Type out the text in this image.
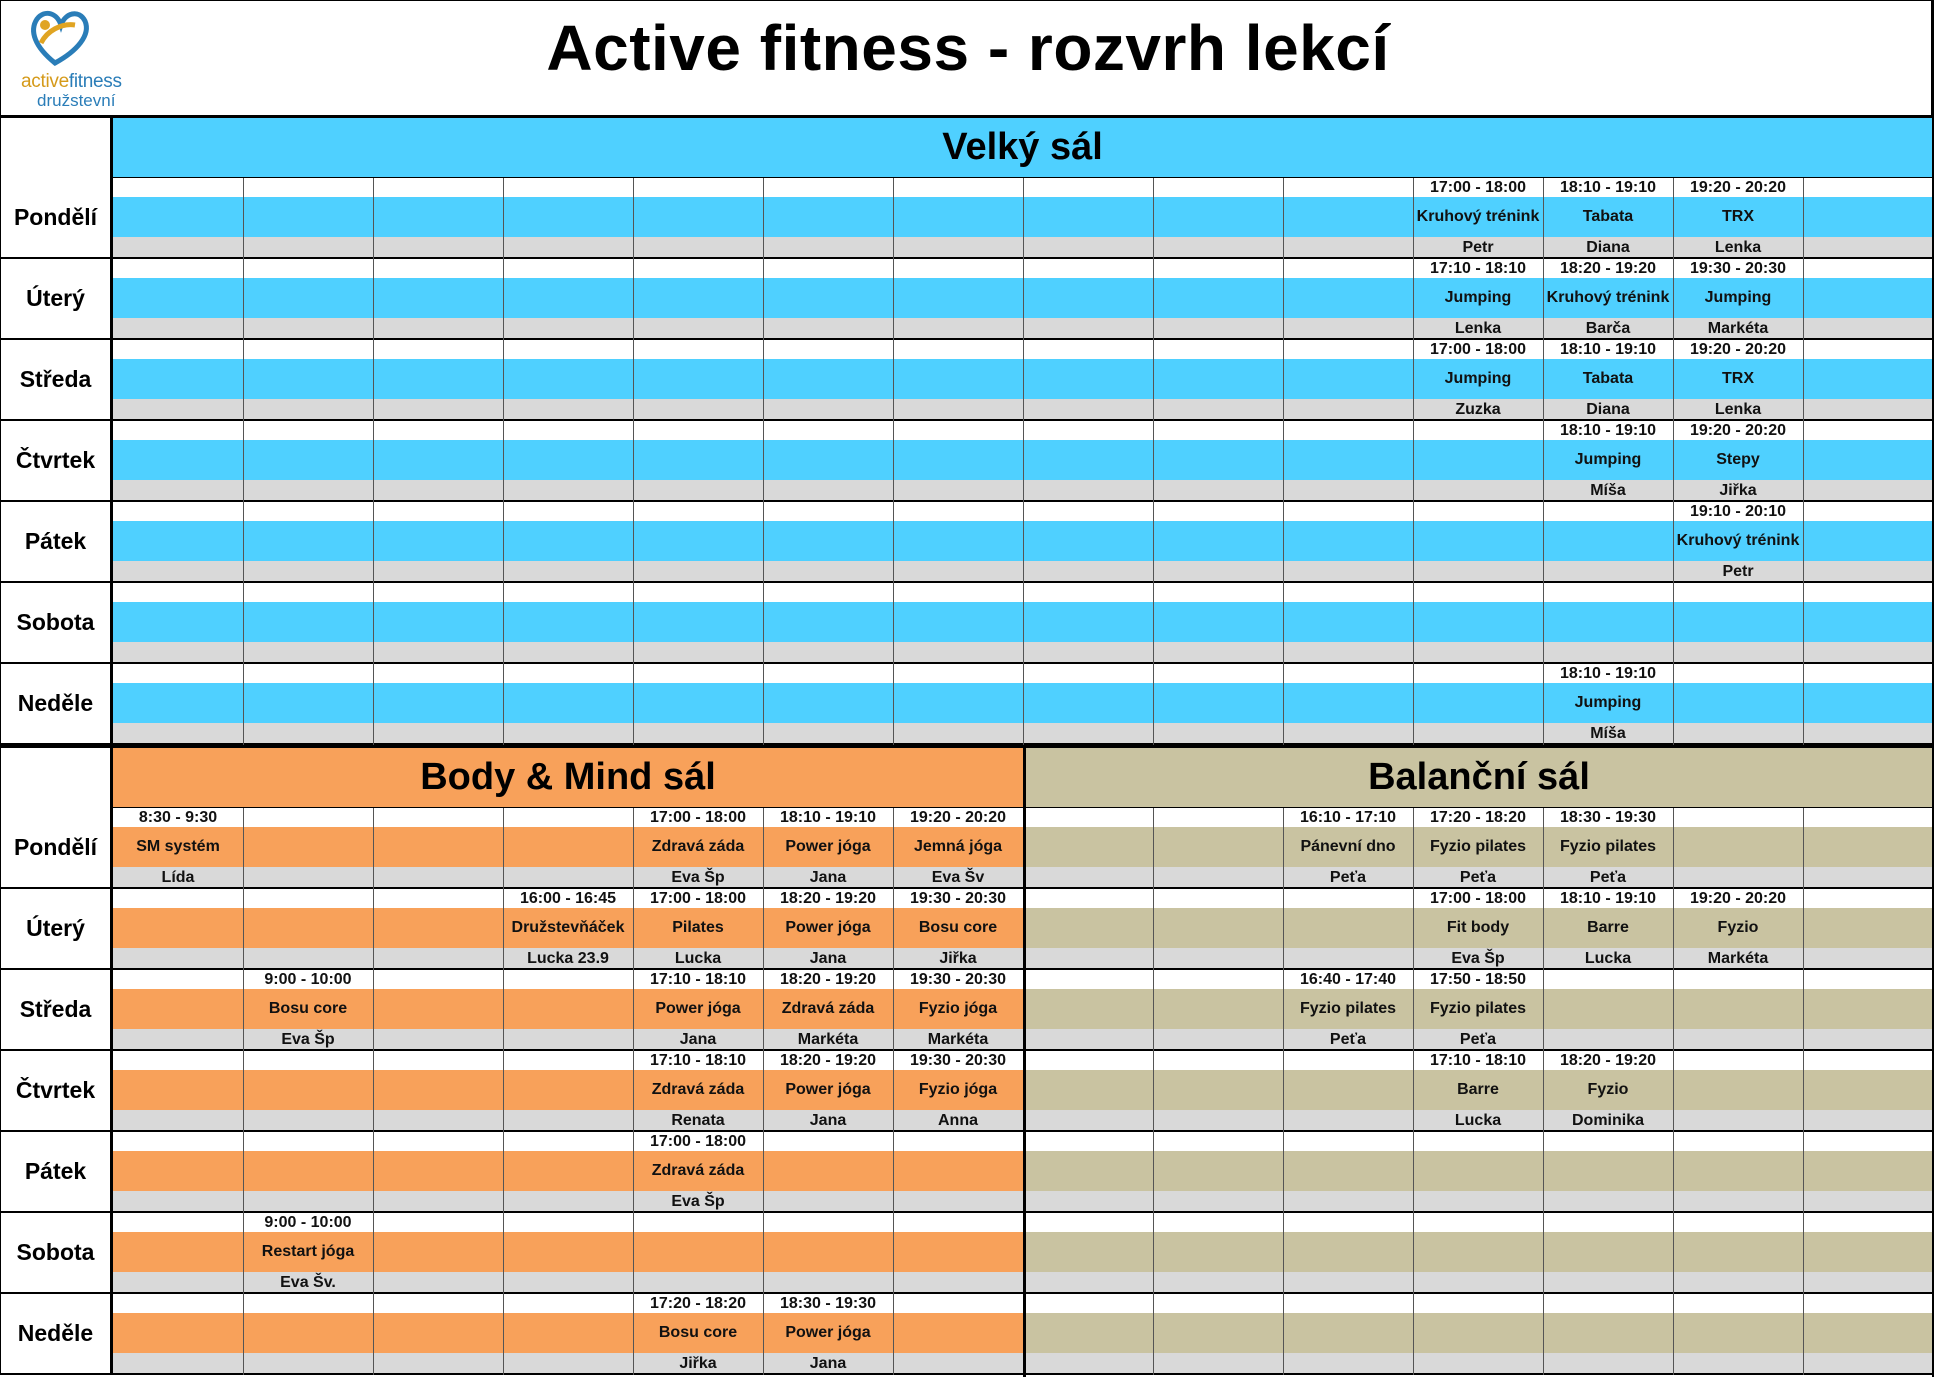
activefitness
družstevní
Active fitness - rozvrh lekcí
Velký sál
Pondělí
17:00 - 18:00
Kruhový trénink
Petr
18:10 - 19:10
Tabata
Diana
19:20 - 20:20
TRX
Lenka
Úterý
17:10 - 18:10
Jumping
Lenka
18:20 - 19:20
Kruhový trénink
Barča
19:30 - 20:30
Jumping
Markéta
Středa
17:00 - 18:00
Jumping
Zuzka
18:10 - 19:10
Tabata
Diana
19:20 - 20:20
TRX
Lenka
Čtvrtek
18:10 - 19:10
Jumping
Míša
19:20 - 20:20
Stepy
Jiřka
Pátek
19:10 - 20:10
Kruhový trénink
Petr
Sobota
Neděle
18:10 - 19:10
Jumping
Míša
Body & Mind sál	Balanční sál
Pondělí
8:30 - 9:30
SM systém
Lída
17:00 - 18:00
Zdravá záda
Eva Šp
18:10 - 19:10
Power jóga
Jana
19:20 - 20:20
Jemná jóga
Eva Šv
16:10 - 17:10
Pánevní dno
Peťa
17:20 - 18:20
Fyzio pilates
Peťa
18:30 - 19:30
Fyzio pilates
Peťa
Úterý
16:00 - 16:45
Družstevňáček
Lucka 23.9
17:00 - 18:00
Pilates
Lucka
18:20 - 19:20
Power jóga
Jana
19:30 - 20:30
Bosu core
Jiřka
17:00 - 18:00
Fit body
Eva Šp
18:10 - 19:10
Barre
Lucka
19:20 - 20:20
Fyzio
Markéta
Středa
9:00 - 10:00
Bosu core
Eva Šp
17:10 - 18:10
Power jóga
Jana
18:20 - 19:20
Zdravá záda
Markéta
19:30 - 20:30
Fyzio jóga
Markéta
16:40 - 17:40
Fyzio pilates
Peťa
17:50 - 18:50
Fyzio pilates
Peťa
Čtvrtek
17:10 - 18:10
Zdravá záda
Renata
18:20 - 19:20
Power jóga
Jana
19:30 - 20:30
Fyzio jóga
Anna
17:10 - 18:10
Barre
Lucka
18:20 - 19:20
Fyzio
Dominika
Pátek
17:00 - 18:00
Zdravá záda
Eva Šp
Sobota
9:00 - 10:00
Restart jóga
Eva Šv.
Neděle
17:20 - 18:20
Bosu core
Jiřka
18:30 - 19:30
Power jóga
Jana
